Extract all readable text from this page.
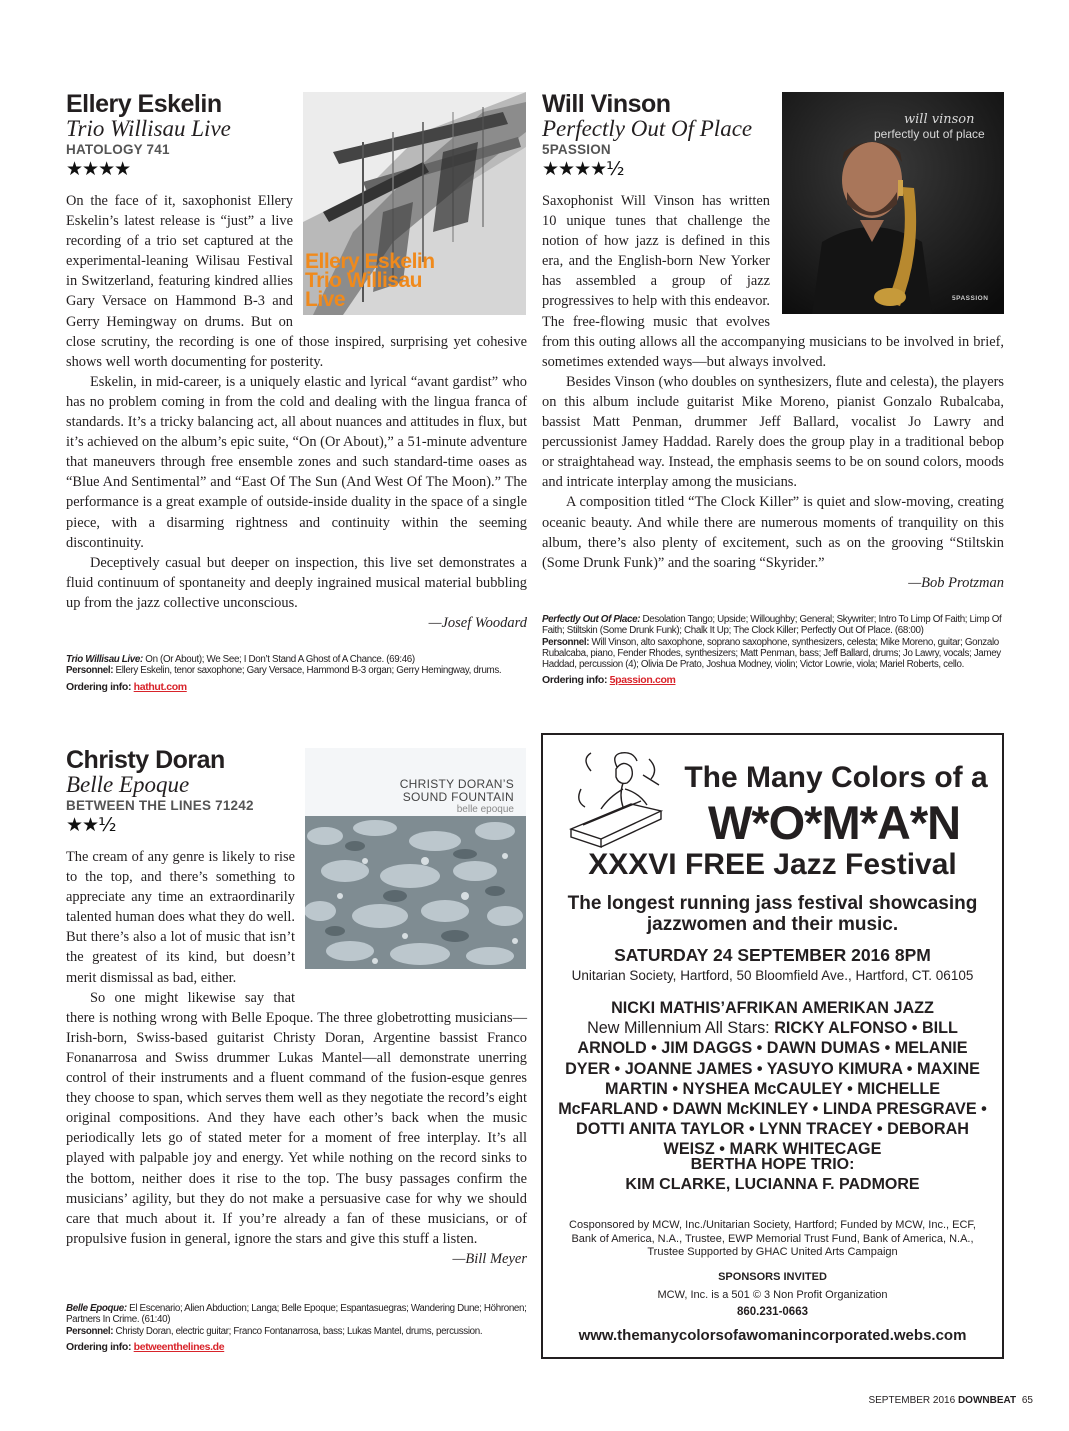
Ellery Eskelin
Trio Willisau Live
HATOLOGY 741
★★★★
Ellery Eskelin
Trio Willisau
Live

On the face of it, saxophonist Ellery Eskelin’s latest release is “just” a live recording of a trio set captured at the experimental-leaning Wilisau Festival in Switzerland, featuring kindred allies Gary Versace on Hammond B-3 and Gerry Hemingway on drums. But on close scrutiny, the recording is one of those inspired, surprising yet cohesive shows well worth documenting for posterity.

Eskelin, in mid-career, is a uniquely elastic and lyrical “avant gardist” who has no problem coming in from the cold and dealing with the lingua franca of standards. It’s a tricky balancing act, all about nuances and attitudes in flux, but it’s achieved on the album’s epic suite, “On (Or About),” a 51-minute adventure that maneuvers through free ensemble zones and such standard-time oases as “Blue And Sentimental” and “East Of The Sun (And West Of The Moon).” The performance is a great example of outside-inside duality in the space of a single piece, with a disarming rightness and continuity within the seeming discontinuity.

Deceptively casual but deeper on inspection, this live set demonstrates a fluid continuum of spontaneity and deeply ingrained musical material bubbling up from the jazz collective unconscious.

—Josef Woodard
Trio Willisau Live: On (Or About); We See; I Don’t Stand A Ghost of A Chance. (69:46)
Personnel: Ellery Eskelin, tenor saxophone; Gary Versace, Hammond B-3 organ; Gerry Hemingway, drums.
Ordering info: hathut.com
Will Vinson
Perfectly Out Of Place
5PASSION
★★★★½
will vinson
perfectly out of place
5PASSION

Saxophonist Will Vinson has written 10 unique tunes that challenge the notion of how jazz is defined in this era, and the English-born New Yorker has assembled a group of jazz progressives to help with this endeavor. The free-flowing music that evolves from this outing allows all the accompanying musicians to be involved in brief, sometimes extended ways—but always involved.

Besides Vinson (who doubles on synthesizers, flute and celesta), the players on this album include guitarist Mike Moreno, pianist Gonzalo Rubalcaba, bassist Matt Penman, drummer Jeff Ballard, vocalist Jo Lawry and percussionist Jamey Haddad. Rarely does the group play in a traditional bebop or straightahead way. Instead, the emphasis seems to be on sound colors, moods and intricate interplay among the musicians.

A composition titled “The Clock Killer” is quiet and slow-moving, creating oceanic beauty. And while there are numerous moments of tranquility on this album, there’s also plenty of excitement, such as on the grooving “Stiltskin (Some Drunk Funk)” and the soaring “Skyrider.”

—Bob Protzman
Perfectly Out Of Place: Desolation Tango; Upside; Willoughby; General; Skywriter; Intro To Limp Of Faith; Limp Of Faith; Stiltskin (Some Drunk Funk); Chalk It Up; The Clock Killer; Perfectly Out Of Place. (68:00)
Personnel: Will Vinson, alto saxophone, soprano saxophone, synthesizers, celesta; Mike Moreno, guitar; Gonzalo Rubalcaba, piano, Fender Rhodes, synthesizers; Matt Penman, bass; Jeff Ballard, drums; Jo Lawry, vocals; Jamey Haddad, percussion (4); Olivia De Prato, Joshua Modney, violin; Victor Lowrie, viola; Mariel Roberts, cello.
Ordering info: 5passion.com
Christy Doran
Belle Epoque
BETWEEN THE LINES 71242
★★½
CHRISTY DORAN’S
SOUND FOUNTAIN
belle epoque

The cream of any genre is likely to rise to the top, and there’s something to appreciate any time an extraordinarily talented human does what they do well. But there’s also a lot of music that isn’t the greatest of its kind, but doesn’t merit dismissal as bad, either.

So one might likewise say that there is nothing wrong with Belle Epoque. The three globetrotting musicians—Irish-born, Swiss-based guitarist Christy Doran, Argentine bassist Franco Fonanarrosa and Swiss drummer Lukas Mantel—all demonstrate unerring control of their instruments and a fluent command of the fusion-esque genres they choose to span, which serves them well as they negotiate the record’s eight original compositions. And they have each other’s back when the music periodically lets go of stated meter for a moment of free interplay. It’s all played with palpable joy and energy. Yet while nothing on the record sinks to the bottom, neither does it rise to the top. The busy passages confirm the musicians’ agility, but they do not make a persuasive case for why we should care that much about it. If you’re already a fan of these musicians, or of propulsive fusion in general, ignore the stars and give this stuff a listen.

—Bill Meyer
Belle Epoque: El Escenario; Alien Abduction; Langa; Belle Epoque; Espantasuegras; Wandering Dune; Höhronen; Partners In Crime. (61:40)
Personnel: Christy Doran, electric guitar; Franco Fontanarrosa, bass; Lukas Mantel, drums, percussion.
Ordering info: betweenthelines.de
The Many Colors of a
W*O*M*A*N
XXXVI FREE Jazz Festival
The longest running jass festival showcasing jazzwomen and their music.
SATURDAY 24 SEPTEMBER 2016 8PM
Unitarian Society, Hartford, 50 Bloomfield Ave., Hartford, CT. 06105
NICKI MATHIS’AFRIKAN AMERIKAN JAZZ
New Millennium All Stars: RICKY ALFONSO • BILL ARNOLD • JIM DAGGS • DAWN DUMAS • MELANIE DYER • JOANNE JAMES • YASUYO KIMURA • MAXINE MARTIN • NYSHEA McCAULEY • MICHELLE McFARLAND • DAWN McKINLEY • LINDA PRESGRAVE • DOTTI ANITA TAYLOR • LYNN TRACEY • DEBORAH WEISZ • MARK WHITECAGE
BERTHA HOPE TRIO:
KIM CLARKE, LUCIANNA F. PADMORE
Cosponsored by MCW, Inc./Unitarian Society, Hartford; Funded by MCW, Inc., ECF, Bank of America, N.A., Trustee, EWP Memorial Trust Fund, Bank of America, N.A., Trustee Supported by GHAC United Arts Campaign
SPONSORS INVITED
MCW, Inc. is a 501 © 3 Non Profit Organization
860.231-0663
www.themanycolorsofawomanincorporated.webs.com
SEPTEMBER 2016 DOWNBEAT 65
